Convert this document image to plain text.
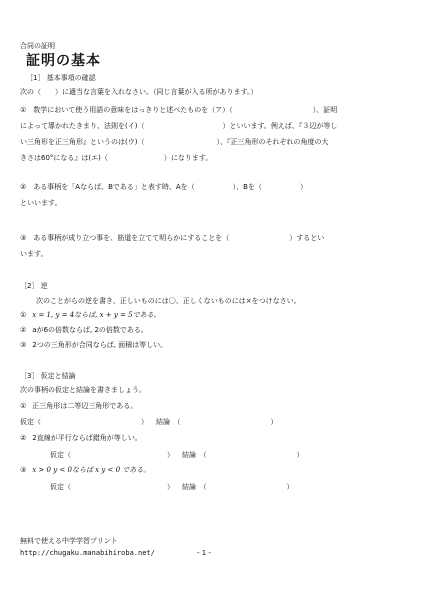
合同の証明
証明の基本
［1］ 基本事項の確認
次の（　　）に適当な言葉を入れなさい。（同じ言葉が入る所があります。）
①　数学において使う用語の意味をはっきりと述べたものを（ア）（	）、証明
によって導かれたきまり、法則を(イ)（	）といいます。例えば、『３辺が等し
い三角形を正三角形』というのは(ウ)（	）、『正三角形のそれぞれの角度の大
きさは60°になる』は(エ)（	）になります。
②　ある事柄を「Aならば、Bである」と表す時、Aを（	）、Bを（	）
といいます。
③　ある事柄が成り立つ事を、筋道を立てて明らかにすることを（	）するとい
います。
［2］ 逆
次のことがらの逆を書き、正しいものには〇、正しくないものには×をつけなさい。
① x = 1, y = 4ならば, x + y = 5である。
② aが6の倍数ならば, 2の倍数である。
③ 2つの三角形が合同ならば, 面積は等しい。
［3］ 仮定と結論
次の事柄の仮定と結論を書きましょう。
① 正三角形は二等辺三角形である。
仮定（	） 結論　（	）
② 2直線が平行ならば錯角が等しい。
仮定（	） 結論　（	）
③ x > 0 y < 0ならば x y < 0 である。
仮定（	） 結論　（	）
無料で使える中学学習プリント
http://chugaku.manabihiroba.net/	- 1 -
